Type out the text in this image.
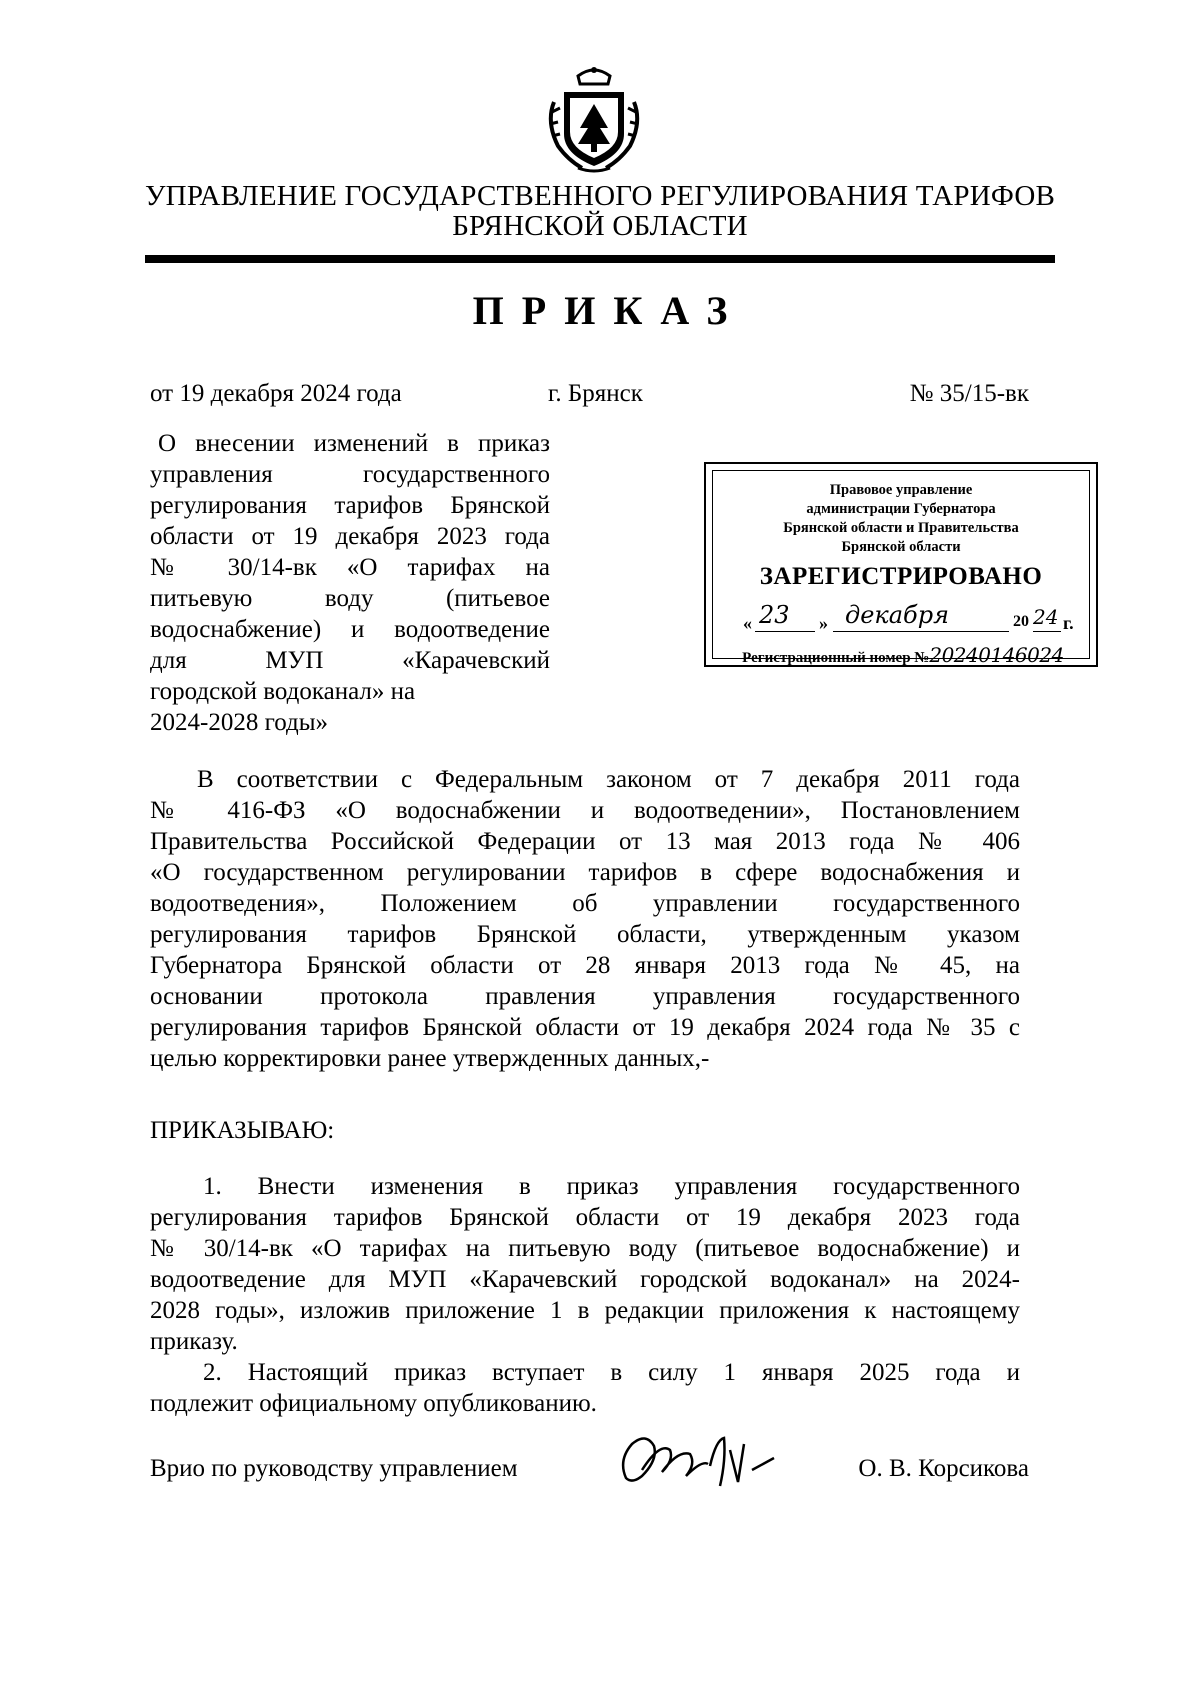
УПРАВЛЕНИЕ ГОСУДАРСТВЕННОГО РЕГУЛИРОВАНИЯ ТАРИФОВ
БРЯНСКОЙ ОБЛАСТИ
ПРИКАЗ
от 19 декабря 2024 года	г. Брянск	№ 35/15-вк
О внесении изменений в приказ
управления государственного
регулирования тарифов Брянской
области от 19 декабря 2023 года
№ 30/14-вк «О тарифах на
питьевую воду (питьевое
водоснабжение) и водоотведение
для МУП «Карачевский
городской водоканал» на
2024-2028 годы»
Правовое управление
администрации Губернатора
Брянской области и Правительства
Брянской области
ЗАРЕГИСТРИРОВАНО
« 23 » декабря	20 24 г.
Регистрационный номер №20240146024
В соответствии с Федеральным законом от 7 декабря 2011 года
№ 416-ФЗ «О водоснабжении и водоотведении», Постановлением
Правительства Российской Федерации от 13 мая 2013 года № 406
«О государственном регулировании тарифов в сфере водоснабжения и
водоотведения», Положением об управлении государственного
регулирования тарифов Брянской области, утвержденным указом
Губернатора Брянской области от 28 января 2013 года № 45, на
основании протокола правления управления государственного
регулирования тарифов Брянской области от 19 декабря 2024 года № 35 с
целью корректировки ранее утвержденных данных,-
ПРИКАЗЫВАЮ:
1. Внести изменения в приказ управления государственного
регулирования тарифов Брянской области от 19 декабря 2023 года
№ 30/14-вк «О тарифах на питьевую воду (питьевое водоснабжение) и
водоотведение для МУП «Карачевский городской водоканал» на 2024-
2028 годы», изложив приложение 1 в редакции приложения к настоящему
приказу.
2. Настоящий приказ вступает в силу 1 января 2025 года и
подлежит официальному опубликованию.
Врио по руководству управлением	О. В. Корсикова
